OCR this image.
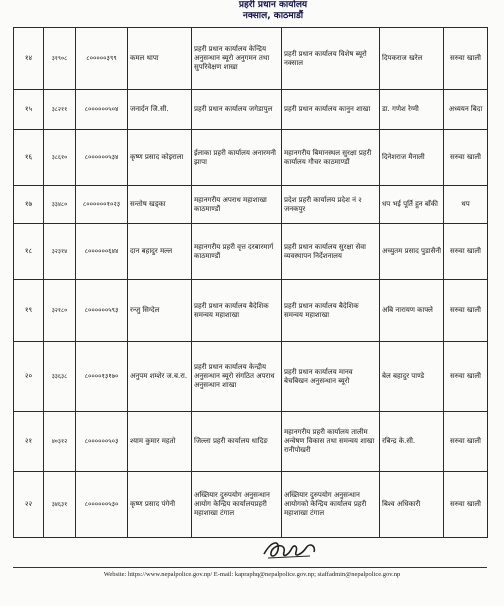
प्रहरी प्रधान कार्यालय
नक्साल, काठमाडौं
१४	३१९०८	८०००००३९९	कमल थापा	प्रहरी प्रधान कार्यालय केन्द्रिय अनुसन्धान ब्यूरो अनुगमन तथा सुपरिवेक्षण शाखा	प्रहरी प्रधान कार्यालय विशेष ब्यूरो नक्साल	दिपकराज खरेल	सरुवा खाली
१५	३८२११	८००००००५०४	जनार्दन जि.सी.	प्रहरी प्रधान कार्यालय जगेडापुल	प्रहरी प्रधान कार्यालय कानुन शाखा	डा. गणेश रेग्मी	अध्ययन बिदा
१६	३८६१०	८००००००५३४	कृष्ण प्रसाद कोइराला	ईलाका प्रहरी कार्यालय अनारमनी झापा	महानगरीय बिमानस्थल सुरक्षा प्रहरी कार्यालय गौचर काठमाण्डौं	दिनेशराज मैनाली	सरुवा खाली
१७	३३४८०	८००००००१०२३	सन्तोष खड्का	महानगरीय अपराध महाशाखा काठमाण्डौं	प्रदेश प्रहरी कार्यालय प्रदेश नं २ जनकपुर	धप भई पूर्ति हुन बाँकी	थप
१८	३२३१४	८००००००६४४	दान बहादुर मल्ल	महानगरीय प्रहरी वृत्त दरबारमार्ग काठमाण्डौं	प्रहरी प्रधान कार्यालय सुरक्षा सेवा व्यवस्थापन निर्देशनालय	अच्युतम प्रसाद पुडासैनी	सरुवा खाली
१९	३२१८०	८००००००५९३	रन्जु सिग्देल	प्रहरी प्रधान कार्यालय बैदेशिक समन्वय महाशाखा	प्रहरी प्रधान कार्यालय बैदेशिक समन्वय महाशाखा	अबि नारायण काफ्ले	सरुवा खाली
२०	३३६३८	८००००१३१७०	अनुपम शम्शेर ज.ब.रा.	प्रहरी प्रधान कार्यालय केन्द्रीय अनुसन्धान ब्यूरो संगठित अपराध अनुसन्धान शाखा	प्रहरी प्रधान कार्यालय मानव बेचबिखन अनुसन्धान ब्यूरो	बेल बहादुर पाण्डे	सरुवा खाली
२१	४०३१२	८००००००५०३	श्याम कुमार महतो	जिल्ला प्रहरी कार्यालय धादिङ	महानगरीय प्रहरी कार्यालय तालीम अन्वेषण विकास तथा समन्वय शाखा रानीपोखरी	रबिन्द्र के.सी.	सरुवा खाली
२२	३४६३१	८००००००५३०	कृष्ण प्रसाद पंगेनी	अख्तियार दुरुपयोग अनुसन्धान आयोग केन्द्रिय कार्यालयप्रहरी महाशाखा टंगाल	अख्तियार दुरुपयोग अनुसन्धान आयोगको केन्द्रिय कार्यालय प्रहरी महाशाखा टंगाल	बिश्व अधिकारी	सरुवा खाली
Website: https://www.nepalpolice.gov.np/ E-mail: kapraphq@nepalpolice.gov.np; staffadmin@nepalpolice.gov.np
